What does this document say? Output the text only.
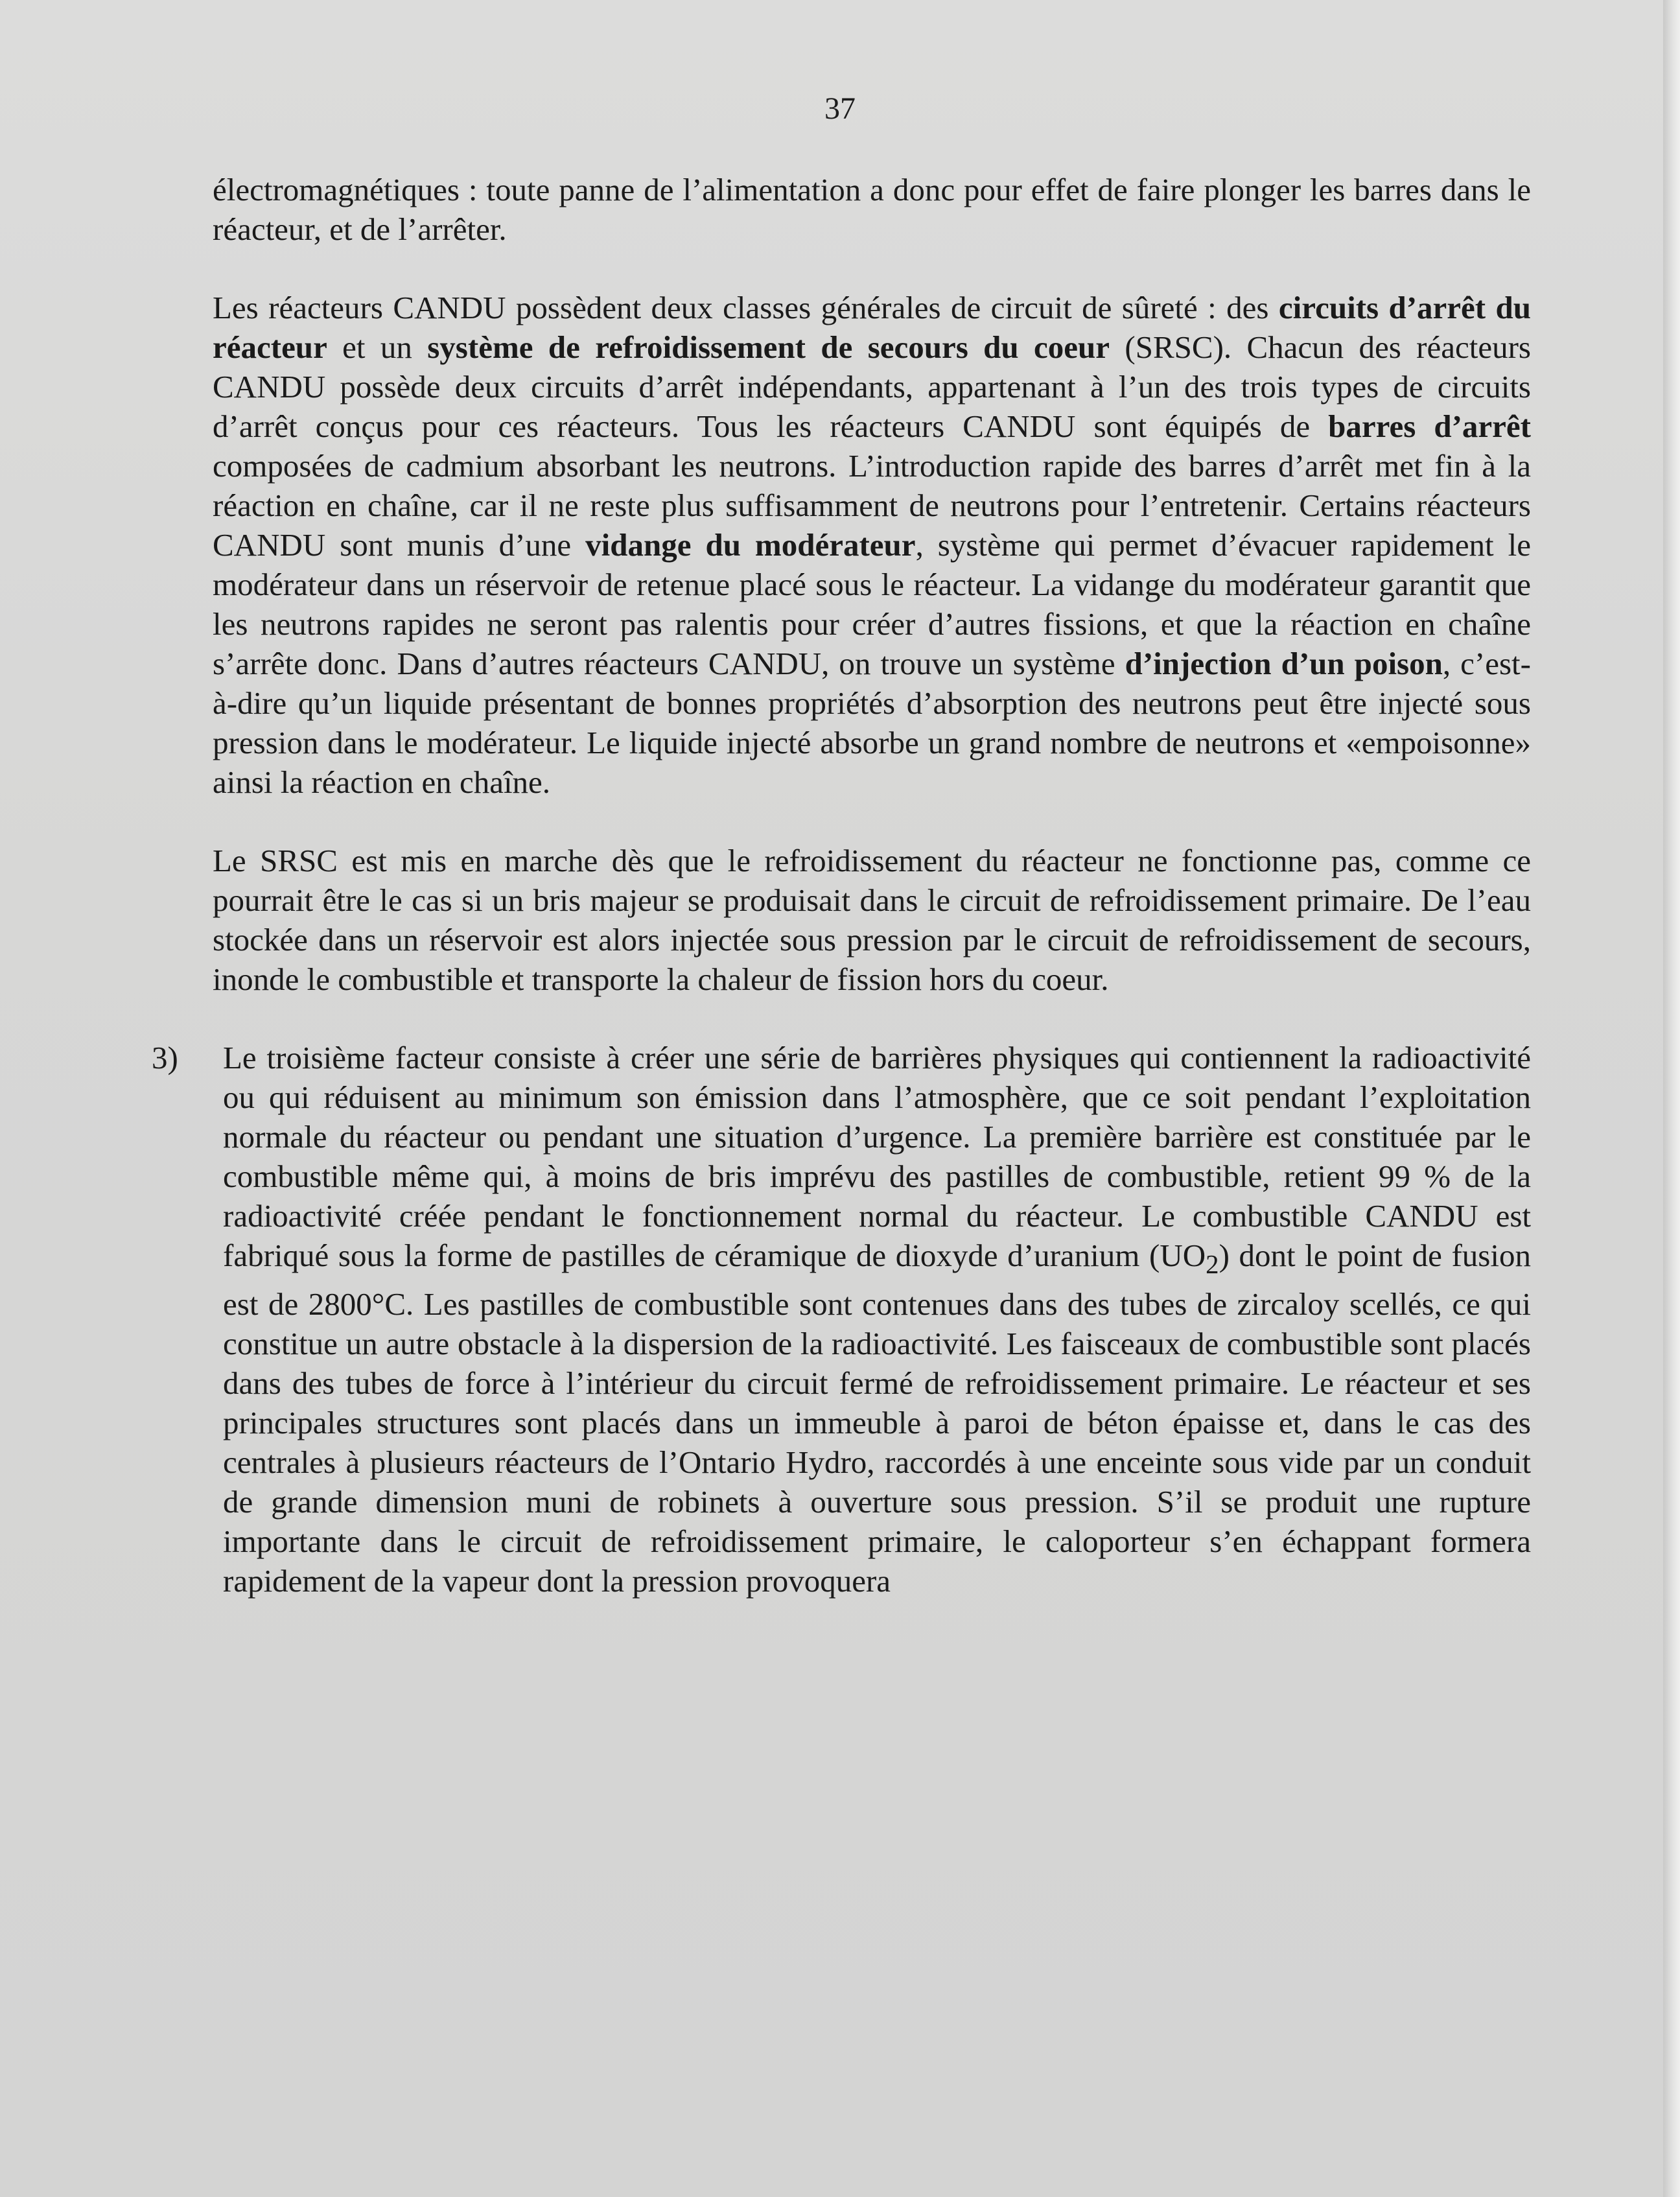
37

électromagnétiques : toute panne de l’alimentation a donc pour effet de faire plonger les barres dans le réacteur, et de l’arrêter.

Les réacteurs CANDU possèdent deux classes générales de circuit de sûreté : des circuits d’arrêt du réacteur et un système de refroidissement de secours du coeur (SRSC). Chacun des réacteurs CANDU possède deux circuits d’arrêt indépendants, appartenant à l’un des trois types de circuits d’arrêt conçus pour ces réacteurs. Tous les réacteurs CANDU sont équipés de barres d’arrêt composées de cadmium absorbant les neutrons. L’introduction rapide des barres d’arrêt met fin à la réaction en chaîne, car il ne reste plus suffisamment de neutrons pour l’entretenir. Certains réacteurs CANDU sont munis d’une vidange du modérateur, système qui permet d’évacuer rapidement le modérateur dans un réservoir de retenue placé sous le réacteur. La vidange du modérateur garantit que les neutrons rapides ne seront pas ralentis pour créer d’autres fissions, et que la réaction en chaîne s’arrête donc. Dans d’autres réacteurs CANDU, on trouve un système d’injection d’un poison, c’est-à-dire qu’un liquide présentant de bonnes propriétés d’absorption des neutrons peut être injecté sous pression dans le modérateur. Le liquide injecté absorbe un grand nombre de neutrons et «empoisonne» ainsi la réaction en chaîne.

Le SRSC est mis en marche dès que le refroidissement du réacteur ne fonctionne pas, comme ce pourrait être le cas si un bris majeur se produisait dans le circuit de refroidissement primaire. De l’eau stockée dans un réservoir est alors injectée sous pression par le circuit de refroidissement de secours, inonde le combustible et transporte la chaleur de fission hors du coeur.

3) Le troisième facteur consiste à créer une série de barrières physiques qui contiennent la radioactivité ou qui réduisent au minimum son émission dans l’atmosphère, que ce soit pendant l’exploitation normale du réacteur ou pendant une situation d’urgence. La première barrière est constituée par le combustible même qui, à moins de bris imprévu des pastilles de combustible, retient 99 % de la radioactivité créée pendant le fonctionnement normal du réacteur. Le combustible CANDU est fabriqué sous la forme de pastilles de céramique de dioxyde d’uranium $(UO_2)$ dont le point de fusion est de 2800°C. Les pastilles de combustible sont contenues dans des tubes de zircaloy scellés, ce qui constitue un autre obstacle à la dispersion de la radioactivité. Les faisceaux de combustible sont placés dans des tubes de force à l’intérieur du circuit fermé de refroidissement primaire. Le réacteur et ses principales structures sont placés dans un immeuble à paroi de béton épaisse et, dans le cas des centrales à plusieurs réacteurs de l’Ontario Hydro, raccordés à une enceinte sous vide par un conduit de grande dimension muni de robinets à ouverture sous pression. S’il se produit une rupture importante dans le circuit de refroidissement primaire, le caloporteur s’en échappant formera rapidement de la vapeur dont la pression provoquera
